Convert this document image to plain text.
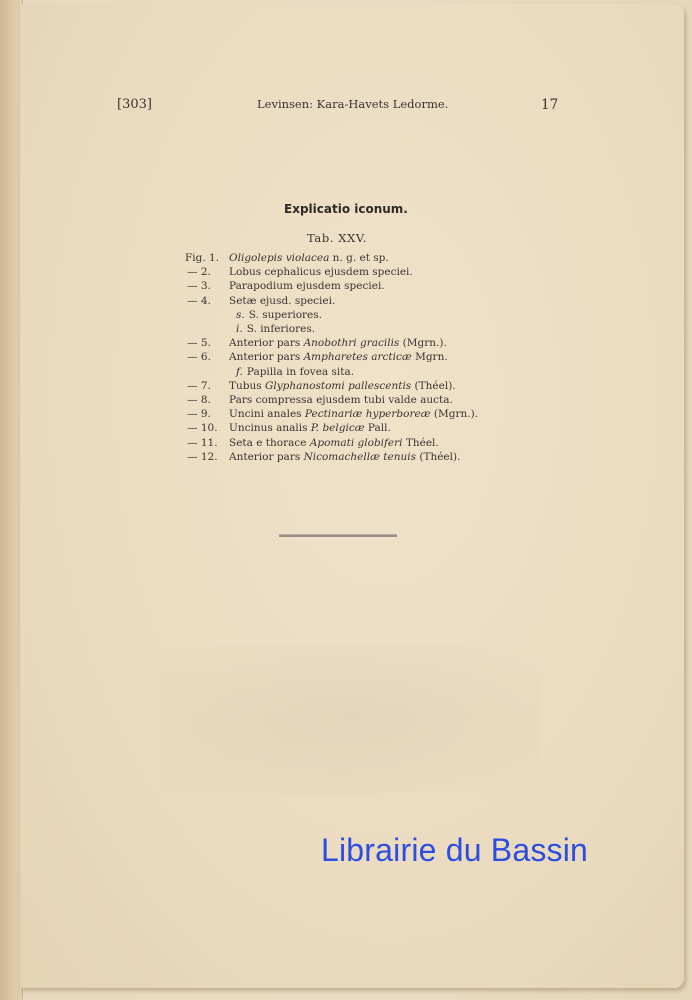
[303]	Levinsen: Kara-Havets Ledorme.	17
Explicatio iconum.
Tab. XXV.
Fig. 1. Oligolepis violacea n. g. et sp.
— 2.	Lobus cephalicus ejusdem speciei.
— 3.	Parapodium ejusdem speciei.
— 4.	Setæ ejusd. speciei.
s. S. superiores.
i. S. inferiores.
— 5.	Anterior pars Anobothri gracilis (Mgrn.).
— 6.	Anterior pars Ampharetes arcticæ Mgrn.
f. Papilla in fovea sita.
— 7.	Tubus Glyphanostomi pallescentis (Théel).
— 8.	Pars compressa ejusdem tubi valde aucta.
— 9.	Uncini anales Pectinariæ hyperboreæ (Mgrn.).
— 10.	Uncinus analis P. belgicæ Pall.
— 11.	Seta e thorace Apomati globiferi Théel.
— 12.	Anterior pars Nicomachellæ tenuis (Théel).
Librairie du Bassin
